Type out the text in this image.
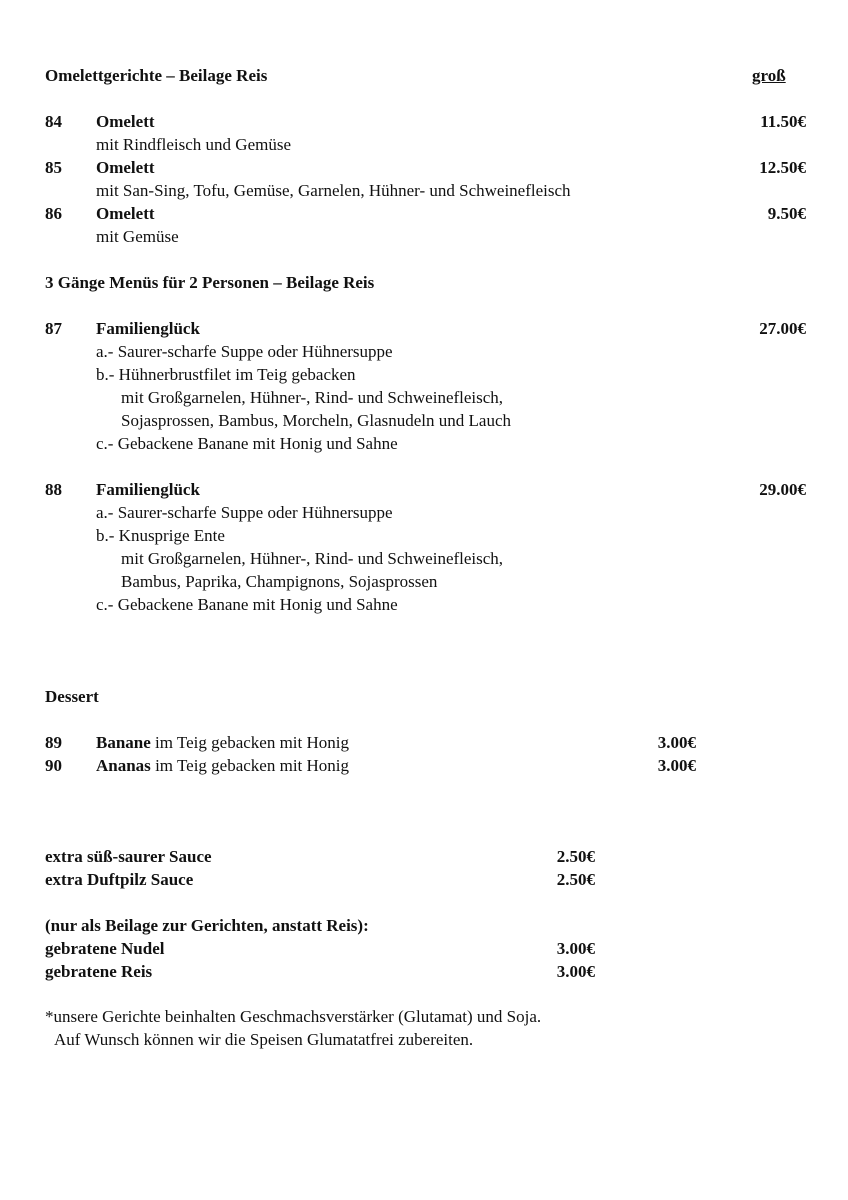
Omelettgerichte – Beilage Reis	groß
84 Omelett	11.50€
mit Rindfleisch und Gemüse
85 Omelett	12.50€
mit San-Sing, Tofu, Gemüse, Garnelen, Hühner- und Schweinefleisch
86 Omelett	9.50€
mit Gemüse
3 Gänge Menüs für 2 Personen – Beilage Reis
87 Familienglück	27.00€
a.- Saurer-scharfe Suppe oder Hühnersuppe
b.- Hühnerbrustfilet im Teig gebacken
mit Großgarnelen, Hühner-, Rind- und Schweinefleisch,
Sojasprossen, Bambus, Morcheln, Glasnudeln und Lauch
c.- Gebackene Banane mit Honig und Sahne
88 Familienglück	29.00€
a.- Saurer-scharfe Suppe oder Hühnersuppe
b.- Knusprige Ente
mit Großgarnelen, Hühner-, Rind- und Schweinefleisch,
Bambus, Paprika, Champignons, Sojasprossen
c.- Gebackene Banane mit Honig und Sahne
Dessert
89 Banane im Teig gebacken mit Honig	3.00€
90 Ananas im Teig gebacken mit Honig	3.00€
extra süß-saurer Sauce	2.50€
extra Duftpilz Sauce	2.50€
(nur als Beilage zur Gerichten, anstatt Reis):
gebratene Nudel	3.00€
gebratene Reis	3.00€
*unsere Gerichte beinhalten Geschmachsverstärker (Glutamat) und Soja.
Auf Wunsch können wir die Speisen Glumatatfrei zubereiten.
